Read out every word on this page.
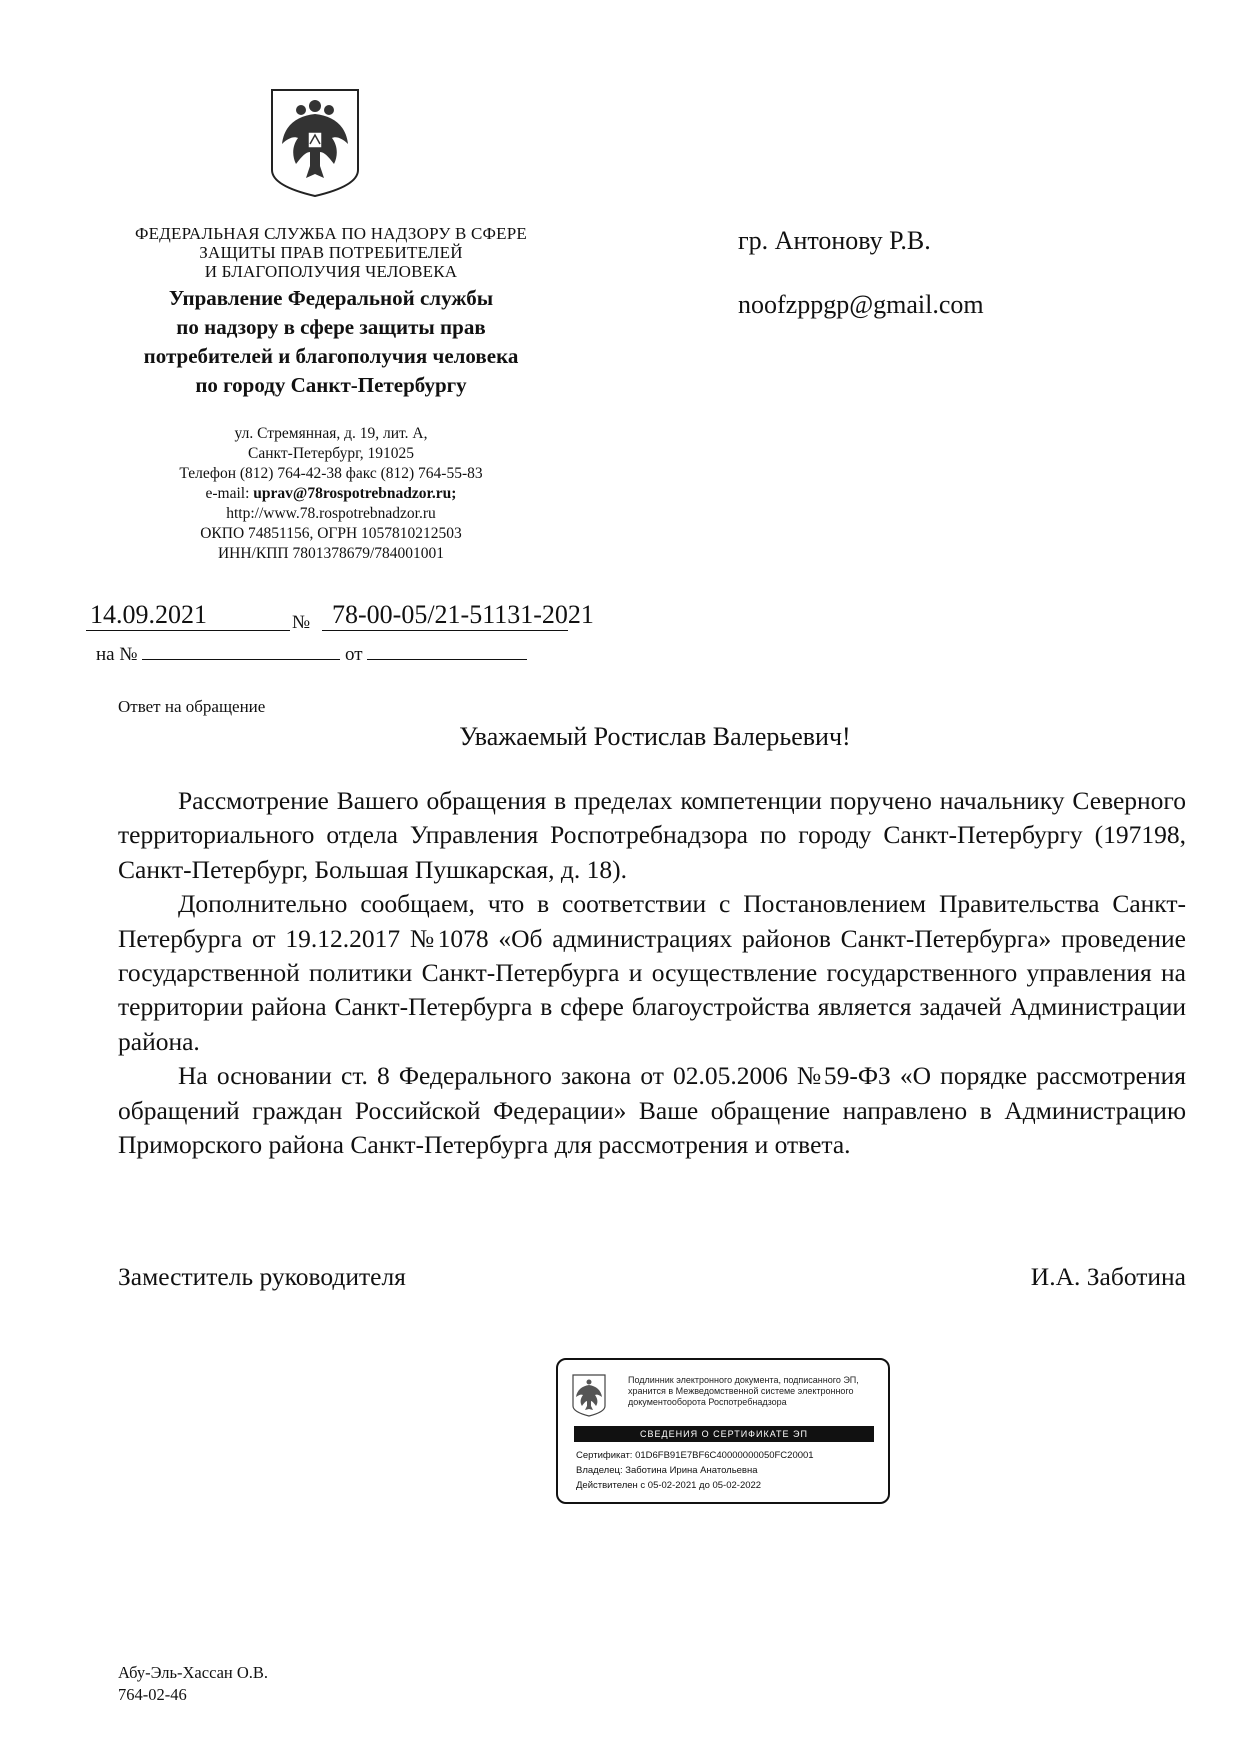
ФЕДЕРАЛЬНАЯ СЛУЖБА ПО НАДЗОРУ В СФЕРЕ
ЗАЩИТЫ ПРАВ ПОТРЕБИТЕЛЕЙ
И БЛАГОПОЛУЧИЯ ЧЕЛОВЕКА
Управление Федеральной службы
по надзору в сфере защиты прав
потребителей и благополучия человека
по городу Санкт-Петербургу
ул. Стремянная, д. 19, лит. А,
Санкт-Петербург, 191025
Телефон (812) 764-42-38 факс (812) 764-55-83
e-mail: uprav@78rospotrebnadzor.ru;
http://www.78.rospotrebnadzor.ru
ОКПО 74851156, ОГРН 1057810212503
ИНН/КПП 7801378679/784001001
гр. Антонову Р.В.
noofzppgp@gmail.com
14.09.2021	№ 78-00-05/21-51131-2021
на №	от
Ответ на обращение
Уважаемый Ростислав Валерьевич!

Рассмотрение Вашего обращения в пределах компетенции поручено начальнику Северного территориального отдела Управления Роспотребнадзора по городу Санкт-Петербургу (197198, Санкт-Петербург, Большая Пушкарская, д. 18).

Дополнительно сообщаем, что в соответствии с Постановлением Правительства Санкт-Петербурга от 19.12.2017 №1078 «Об администрациях районов Санкт-Петербурга» проведение государственной политики Санкт-Петербурга и осуществление государственного управления на территории района Санкт-Петербурга в сфере благоустройства является задачей Администрации района.

На основании ст. 8 Федерального закона от 02.05.2006 №59-ФЗ «О порядке рассмотрения обращений граждан Российской Федерации» Ваше обращение направлено в Администрацию Приморского района Санкт-Петербурга для рассмотрения и ответа.

Заместитель руководителя	И.А. Заботина
Подлинник электронного документа, подписанного ЭП,
хранится в Межведомственной системе электронного
документооборота Роспотребнадзора
СВЕДЕНИЯ О СЕРТИФИКАТЕ ЭП
Сертификат: 01D6FB91E7BF6C40000000050FC20001
Владелец: Заботина Ирина Анатольевна
Действителен с 05-02-2021 до 05-02-2022
Абу-Эль-Хассан О.В.
764-02-46
